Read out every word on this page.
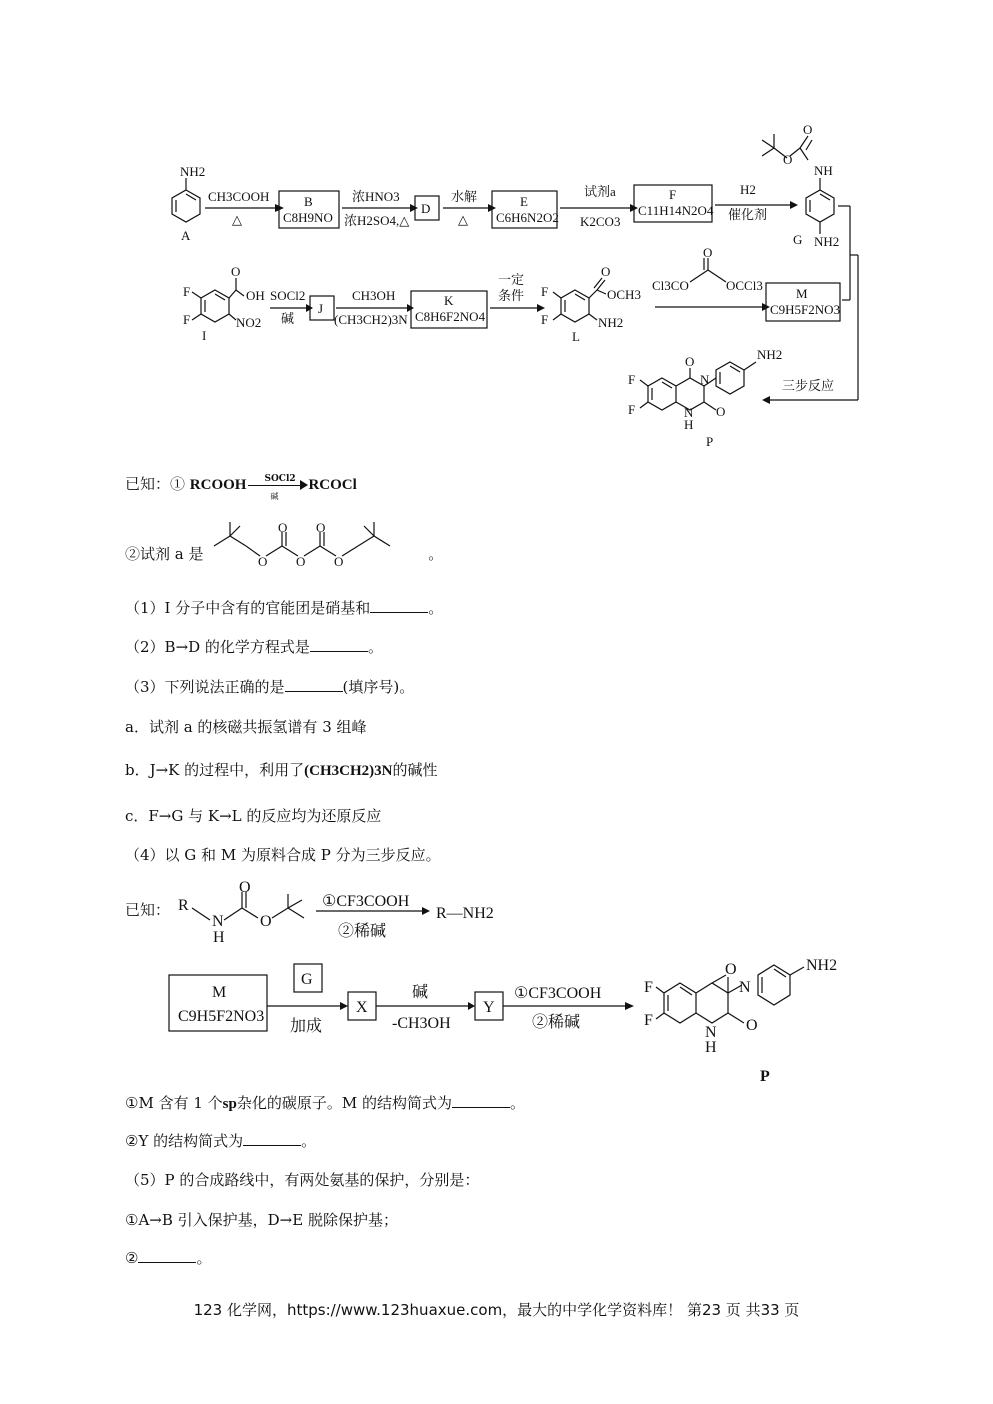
NH2
A
CH3COOH
△
B
C8H9NO
浓HNO3
浓H2SO4,△
D
水解
△
E
C6H6N2O2
试剂a
K2CO3
F
C11H14N2O4
H2
催化剂
O
O
NH
NH2
G
O
OH
F
F	NO2
I
SOCl2
碱
J
CH3OH
(CH3CH2)3N
K
C8H6F2NO4
一定
条件
O
OCH3
F
F	NH2
L
O
Cl3CO	OCCl3
M
C9H5F2NO3
三步反应
O
N
NH2
O
N
H
F
F
P
已知：① RCOOH SOCl2
碱
RCOCl
②试剂 a 是	O
O
O
O
O	。
（1）I 分子中含有的官能团是硝基和	。
（2）B→D 的化学方程式是	。
（3）下列说法正确的是	(填序号)。
a．试剂 a 的核磁共振氢谱有 3 组峰
b．J→K 的过程中，利用了(CH3CH2)3N的碱性
c．F→G 与 K→L 的反应均为还原反应
（4）以 G 和 M 为原料合成 P 分为三步反应。
已知： R
N
H
O
O
①CF3COOH
②稀碱
R—NH2
M
C9H5F2NO3
G
加成
X
碱
-CH3OH
Y
①CF3COOH
②稀碱
O
N
NH2
O
N
H
F
F
P
①M 含有 1 个sp杂化的碳原子。M 的结构简式为	。
②Y 的结构简式为	。
（5）P 的合成路线中，有两处氨基的保护，分别是：
①A→B 引入保护基，D→E 脱除保护基；
②	。
123 化学网，https://www.123huaxue.com，最大的中学化学资料库！ 第23 页 共33 页
